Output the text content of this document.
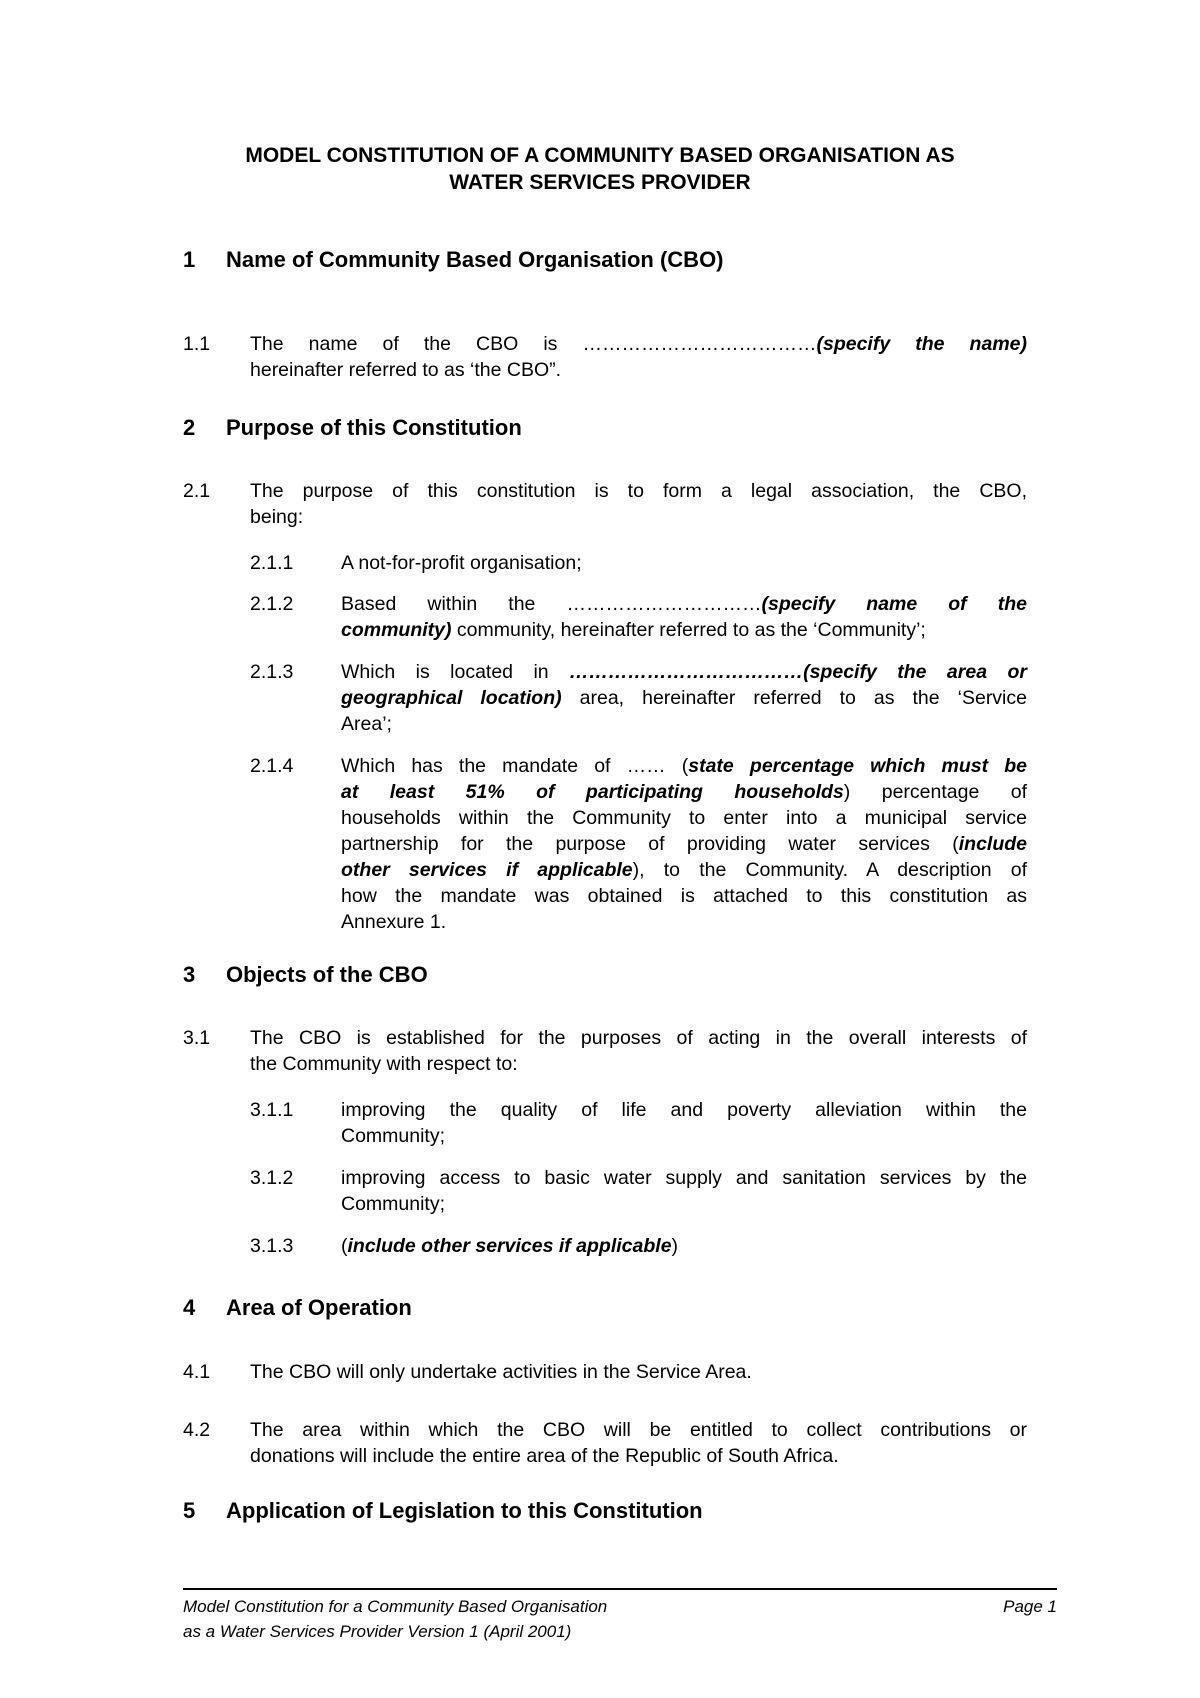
MODEL CONSTITUTION OF A COMMUNITY BASED ORGANISATION AS
WATER SERVICES PROVIDER
1 Name of Community Based Organisation (CBO)
1.1 The name of the CBO is ………………………………(specify the name)
hereinafter referred to as ‘the CBO”.
2 Purpose of this Constitution
2.1 The purpose of this constitution is to form a legal association, the CBO,
being:
2.1.1 A not-for-profit organisation;
2.1.2 Based within the …………………………(specify name of the
community) community, hereinafter referred to as the ‘Community’;
2.1.3 Which is located in ………………………………(specify the area or
geographical location) area, hereinafter referred to as the ‘Service
Area’;
2.1.4 Which has the mandate of …… (state percentage which must be
at least 51% of participating households) percentage of
households within the Community to enter into a municipal service
partnership for the purpose of providing water services (include
other services if applicable), to the Community. A description of
how the mandate was obtained is attached to this constitution as
Annexure 1.
3 Objects of the CBO
3.1 The CBO is established for the purposes of acting in the overall interests of
the Community with respect to:
3.1.1 improving the quality of life and poverty alleviation within the
Community;
3.1.2 improving access to basic water supply and sanitation services by the
Community;
3.1.3 (include other services if applicable)
4 Area of Operation
4.1 The CBO will only undertake activities in the Service Area.
4.2 The area within which the CBO will be entitled to collect contributions or
donations will include the entire area of the Republic of South Africa.
5 Application of Legislation to this Constitution
Model Constitution for a Community Based Organisation	Page 1
as a Water Services Provider Version 1 (April 2001)
